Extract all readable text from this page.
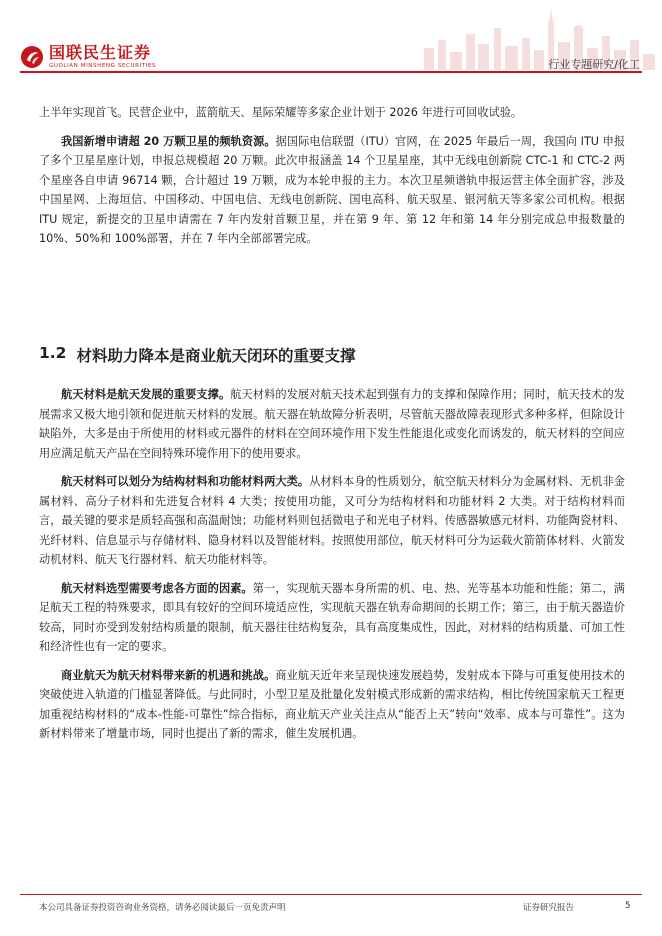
国联民生证券
GUOLIAN MINSHENG SECURITIES	行业专题研究/化工

上半年实现首飞。民营企业中，蓝箭航天、星际荣耀等多家企业计划于 2026 年进行可回收试验。

我国新增申请超 20 万颗卫星的频轨资源。据国际电信联盟（ITU）官网，在 2025 年最后一周，我国向 ITU 申报了多个卫星星座计划，申报总规模超 20 万颗。此次申报涵盖 14 个卫星星座，其中无线电创新院 CTC-1 和 CTC-2 两个星座各自申请 96714 颗，合计超过 19 万颗，成为本轮申报的主力。本次卫星频谱轨申报运营主体全面扩容，涉及中国星网、上海垣信、中国移动、中国电信、无线电创新院、国电高科、航天驭星、银河航天等多家公司机构。根据 ITU 规定，新提交的卫星申请需在 7 年内发射首颗卫星，并在第 9 年、第 12 年和第 14 年分别完成总申报数量的 10%、50%和 100%部署，并在 7 年内全部部署完成。

1.2 材料助力降本是商业航天闭环的重要支撑

航天材料是航天发展的重要支撑。航天材料的发展对航天技术起到强有力的支撑和保障作用；同时，航天技术的发展需求又极大地引领和促进航天材料的发展。航天器在轨故障分析表明，尽管航天器故障表现形式多种多样，但除设计缺陷外，大多是由于所使用的材料或元器件的材料在空间环境作用下发生性能退化或变化而诱发的，航天材料的空间应用应满足航天产品在空间特殊环境作用下的使用要求。

航天材料可以划分为结构材料和功能材料两大类。从材料本身的性质划分，航空航天材料分为金属材料、无机非金属材料、高分子材料和先进复合材料 4 大类；按使用功能，又可分为结构材料和功能材料 2 大类。对于结构材料而言，最关键的要求是质轻高强和高温耐蚀；功能材料则包括微电子和光电子材料、传感器敏感元材料、功能陶瓷材料、光纤材料、信息显示与存储材料、隐身材料以及智能材料。按照使用部位，航天材料可分为运载火箭箭体材料、火箭发动机材料、航天飞行器材料、航天功能材料等。

航天材料选型需要考虑各方面的因素。第一，实现航天器本身所需的机、电、热、光等基本功能和性能；第二，满足航天工程的特殊要求，即具有较好的空间环境适应性，实现航天器在轨寿命期间的长期工作；第三，由于航天器造价较高，同时亦受到发射结构质量的限制，航天器往往结构复杂，具有高度集成性，因此，对材料的结构质量、可加工性和经济性也有一定的要求。

商业航天为航天材料带来新的机遇和挑战。商业航天近年来呈现快速发展趋势，发射成本下降与可重复使用技术的突破使进入轨道的门槛显著降低。与此同时，小型卫星及批量化发射模式形成新的需求结构，相比传统国家航天工程更加重视结构材料的“成本-性能-可靠性”综合指标，商业航天产业关注点从“能否上天”转向“效率、成本与可靠性”。这为新材料带来了增量市场，同时也提出了新的需求，催生发展机遇。

本公司具备证券投资咨询业务资格，请务必阅读最后一页免责声明	证券研究报告	5
